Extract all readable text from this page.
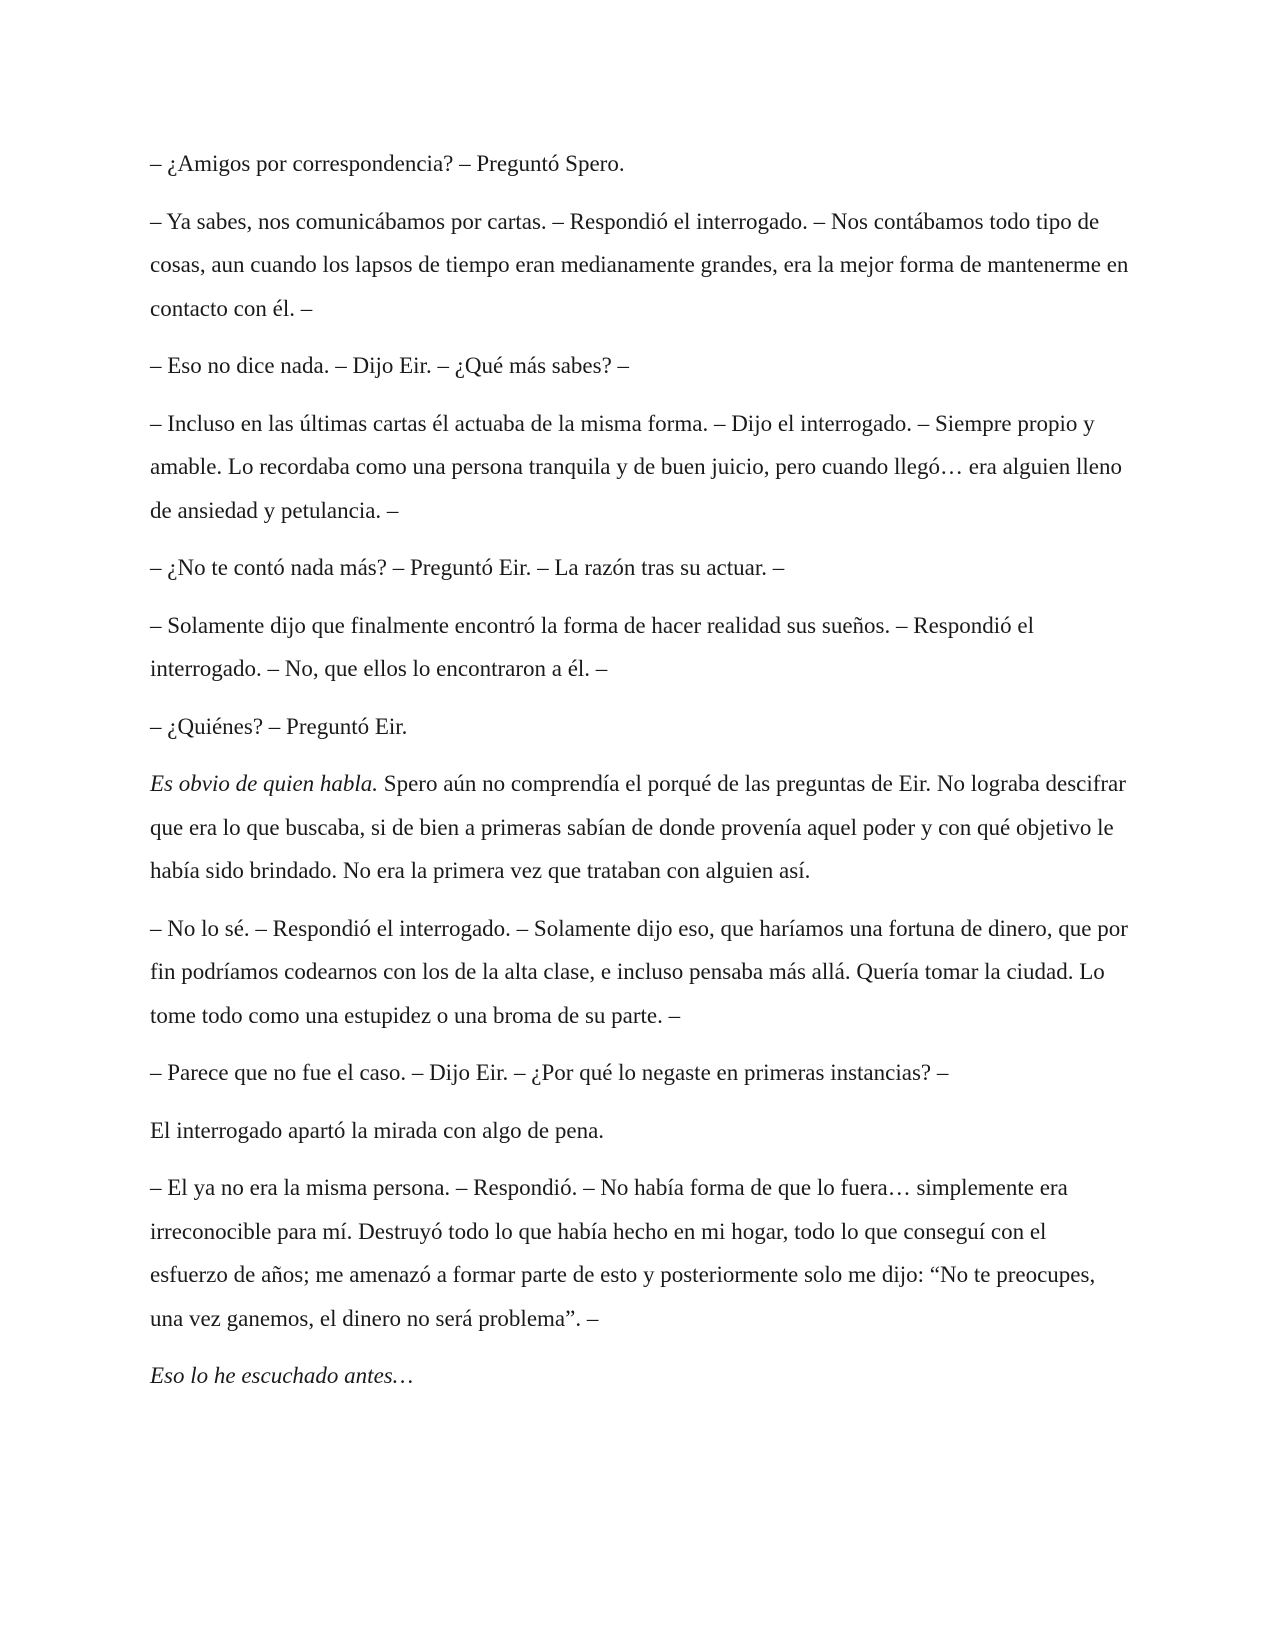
– ¿Amigos por correspondencia? – Preguntó Spero.

– Ya sabes, nos comunicábamos por cartas. – Respondió el interrogado. – Nos contábamos todo tipo de cosas, aun cuando los lapsos de tiempo eran medianamente grandes, era la mejor forma de mantenerme en contacto con él. –

– Eso no dice nada. – Dijo Eir. – ¿Qué más sabes? –

– Incluso en las últimas cartas él actuaba de la misma forma. – Dijo el interrogado. – Siempre propio y amable. Lo recordaba como una persona tranquila y de buen juicio, pero cuando llegó… era alguien lleno de ansiedad y petulancia. –

– ¿No te contó nada más? – Preguntó Eir. – La razón tras su actuar. –

– Solamente dijo que finalmente encontró la forma de hacer realidad sus sueños. – Respondió el interrogado. – No, que ellos lo encontraron a él. –

– ¿Quiénes? – Preguntó Eir.

Es obvio de quien habla. Spero aún no comprendía el porqué de las preguntas de Eir. No lograba descifrar que era lo que buscaba, si de bien a primeras sabían de donde provenía aquel poder y con qué objetivo le había sido brindado. No era la primera vez que trataban con alguien así.

– No lo sé. – Respondió el interrogado. – Solamente dijo eso, que haríamos una fortuna de dinero, que por fin podríamos codearnos con los de la alta clase, e incluso pensaba más allá. Quería tomar la ciudad. Lo tome todo como una estupidez o una broma de su parte. –

– Parece que no fue el caso. – Dijo Eir. – ¿Por qué lo negaste en primeras instancias? –

El interrogado apartó la mirada con algo de pena.

– El ya no era la misma persona. – Respondió. – No había forma de que lo fuera… simplemente era irreconocible para mí. Destruyó todo lo que había hecho en mi hogar, todo lo que conseguí con el esfuerzo de años; me amenazó a formar parte de esto y posteriormente solo me dijo: “No te preocupes, una vez ganemos, el dinero no será problema”. –

Eso lo he escuchado antes…
